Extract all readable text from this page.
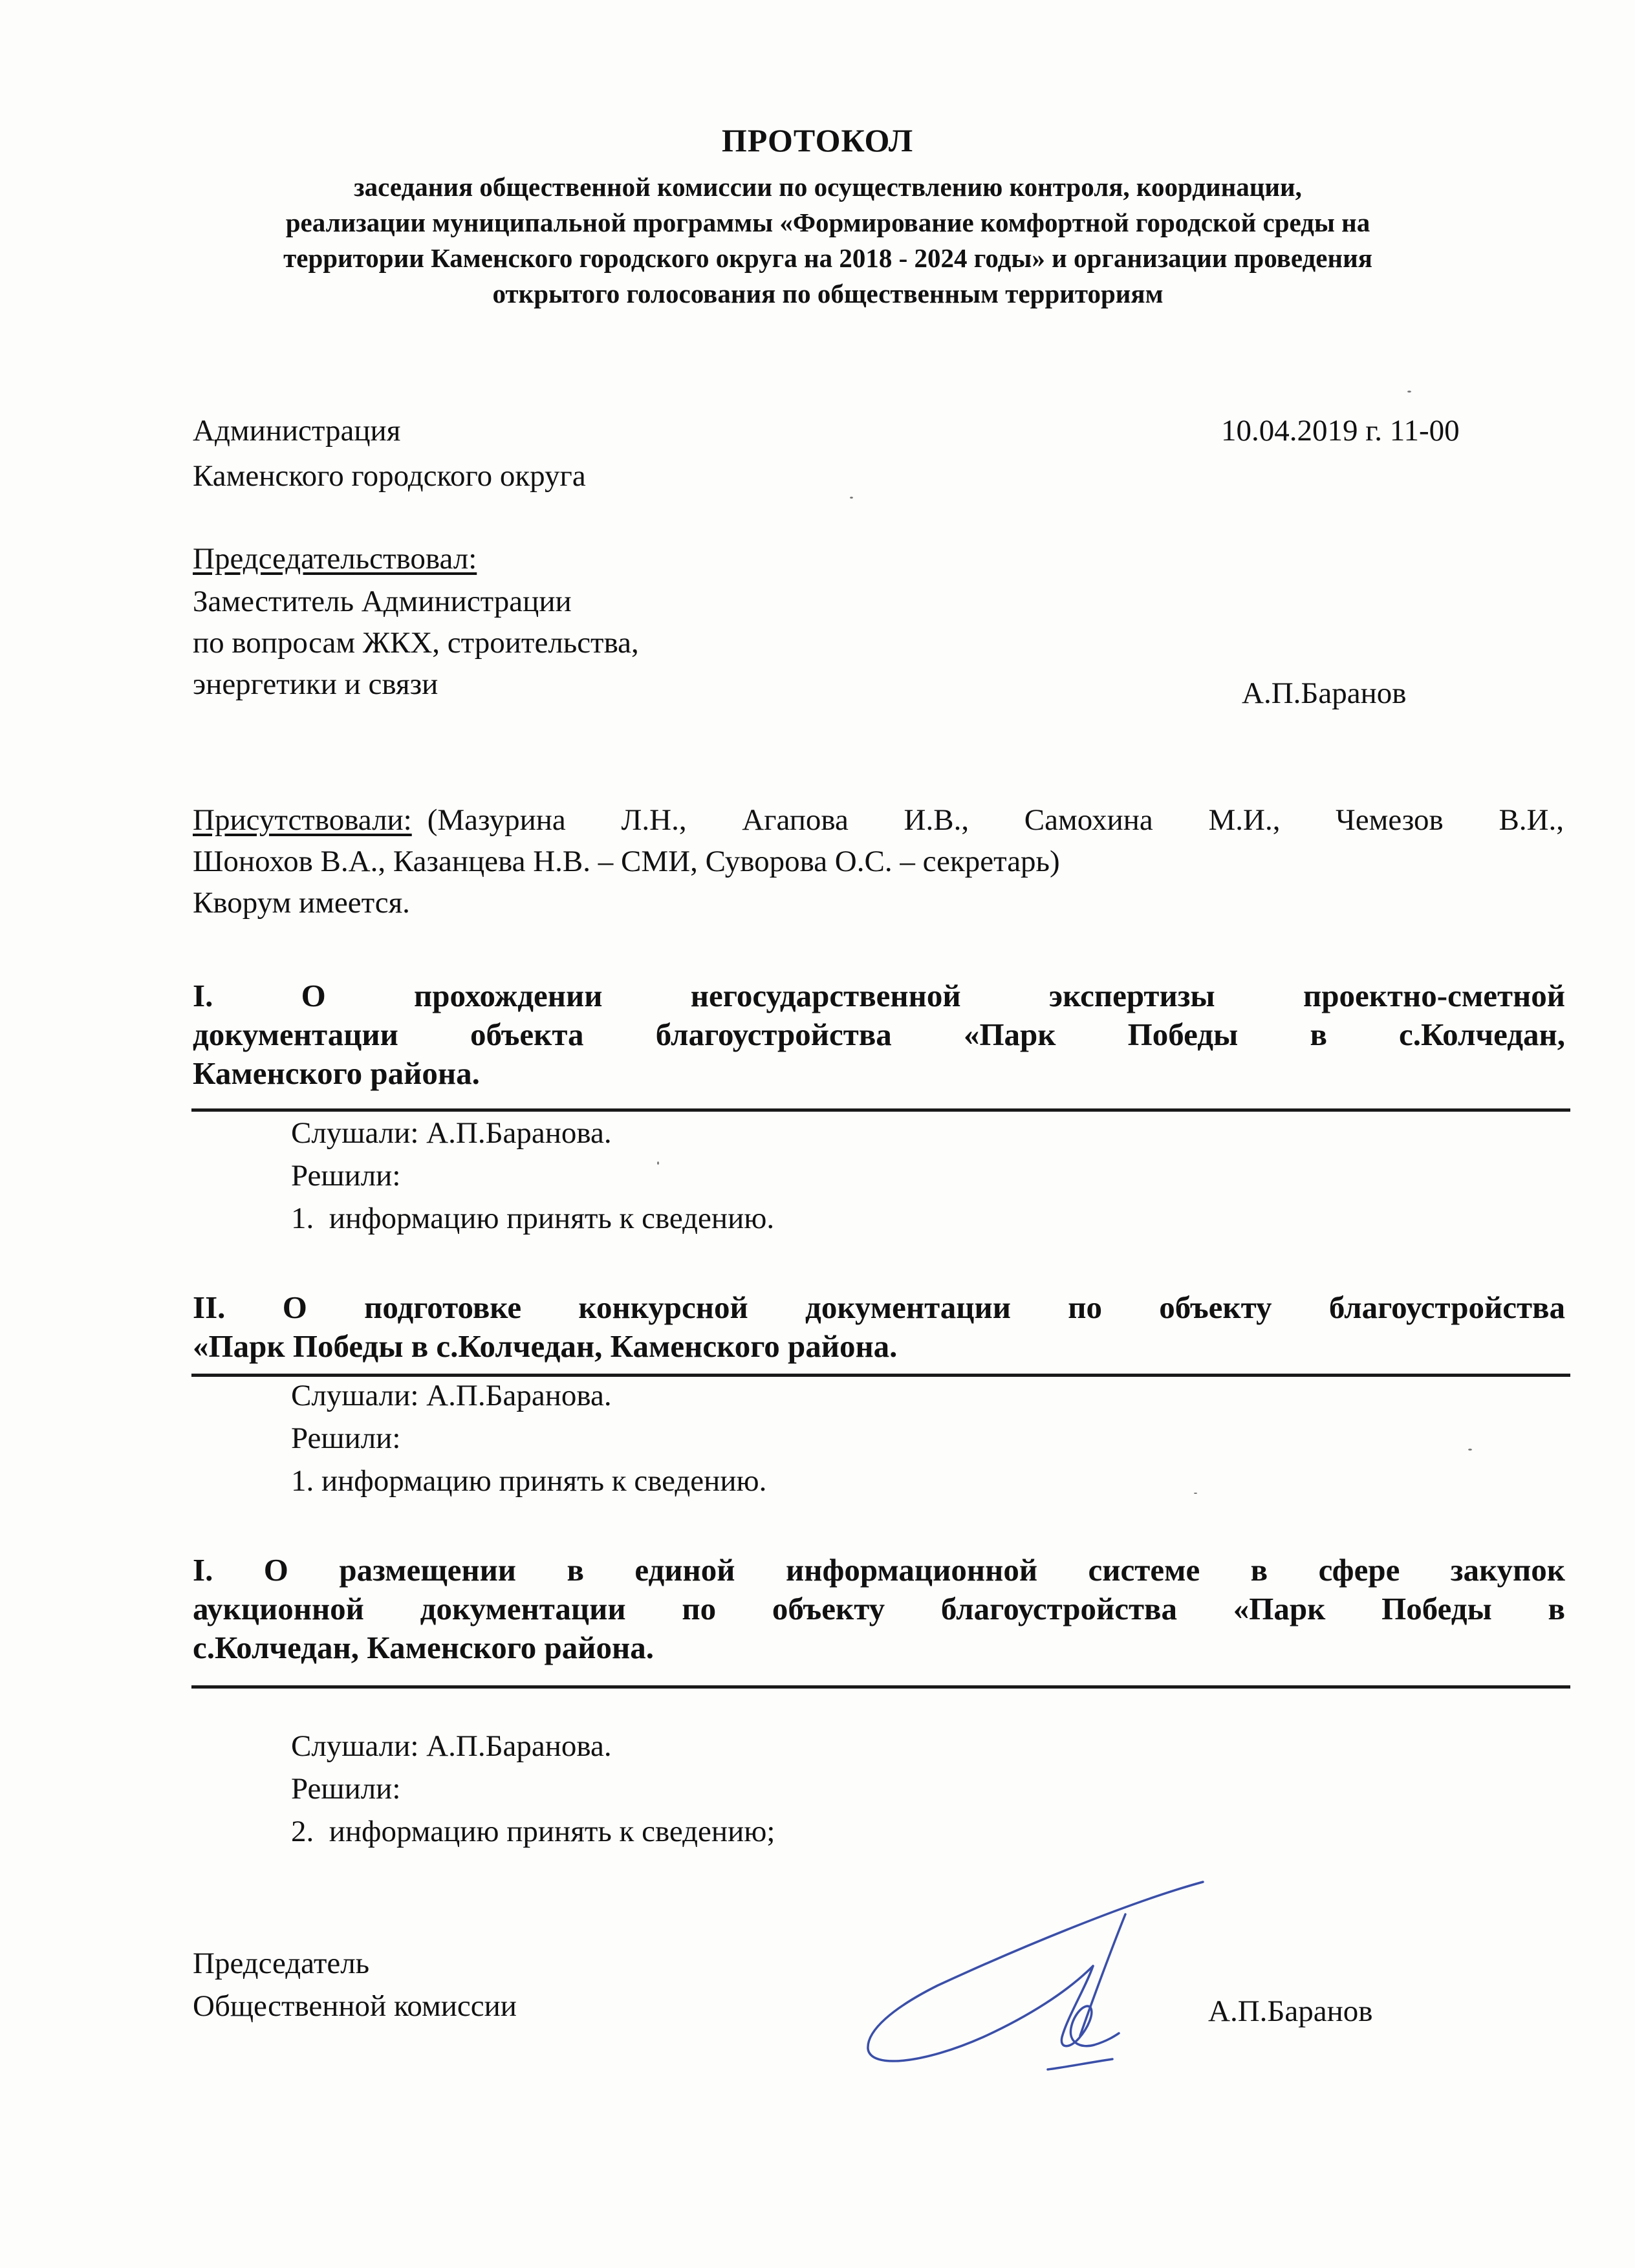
ПРОТОКОЛ
заседания общественной комиссии по осуществлению контроля, координации,
реализации муниципальной программы «Формирование комфортной городской среды на
территории Каменского городского округа на 2018 - 2024 годы» и организации проведения
открытого голосования по общественным территориям
Администрация
Каменского городского округа
10.04.2019 г. 11-00
Председательствовал:
Заместитель Администрации
по вопросам ЖКХ, строительства,
энергетики и связи	А.П.Баранов
Присутствовали: (Мазурина Л.Н., Агапова И.В., Самохина М.И., Чемезов В.И.,
Шонохов В.А., Казанцева Н.В. – СМИ, Суворова О.С. – секретарь)
Кворум имеется.
I. О прохождении негосударственной экспертизы проектно-сметной
документации объекта благоустройства «Парк Победы в с.Колчедан,
Каменского района.
Слушали: А.П.Баранова.
Решили:
1.  информацию принять к сведению.
II. О подготовке конкурсной документации по объекту благоустройства
«Парк Победы в с.Колчедан, Каменского района.
Слушали: А.П.Баранова.
Решили:
1. информацию принять к сведению.
I. О размещении в единой информационной системе в сфере закупок
аукционной документации по объекту благоустройства «Парк Победы в
с.Колчедан, Каменского района.
Слушали: А.П.Баранова.
Решили:
2.  информацию принять к сведению;
Председатель
Общественной комиссии	А.П.Баранов
